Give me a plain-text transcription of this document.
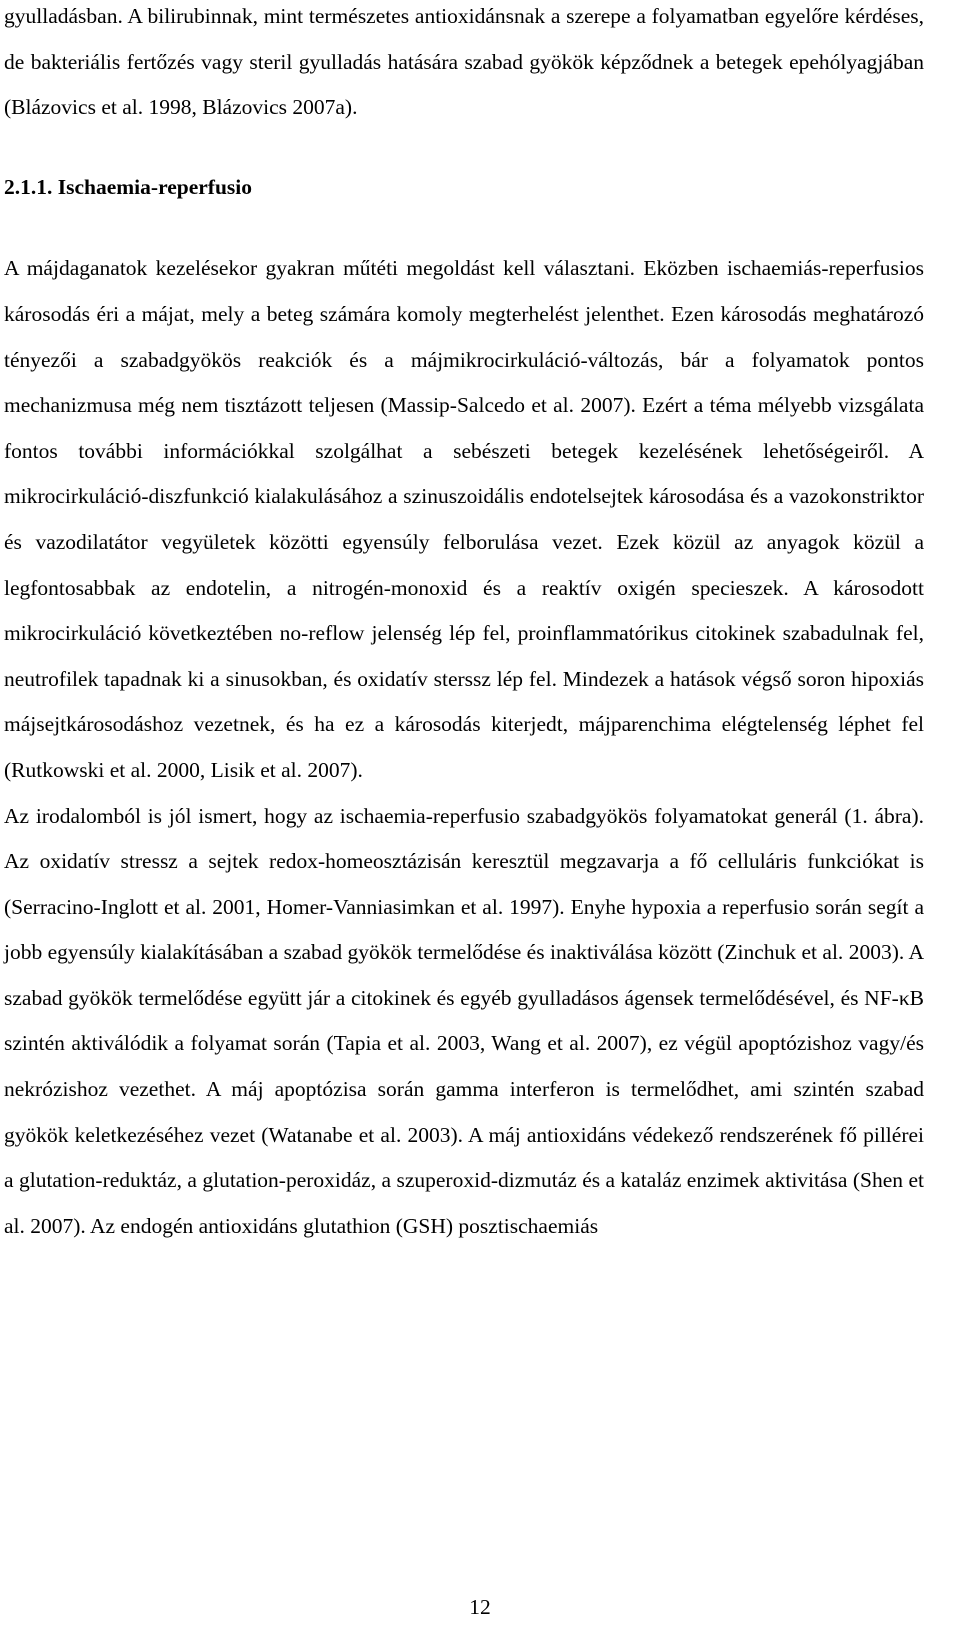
gyulladásban. A bilirubinnak, mint természetes antioxidánsnak a szerepe a folyamatban egyelőre kérdéses, de bakteriális fertőzés vagy steril gyulladás hatására szabad gyökök képződnek a betegek epehólyagjában (Blázovics et al. 1998, Blázovics 2007a).

2.1.1. Ischaemia-reperfusio

A májdaganatok kezelésekor gyakran műtéti megoldást kell választani. Eközben ischaemiás-reperfusios károsodás éri a májat, mely a beteg számára komoly megterhelést jelenthet. Ezen károsodás meghatározó tényezői a szabadgyökös reakciók és a májmikrocirkuláció-változás, bár a folyamatok pontos mechanizmusa még nem tisztázott teljesen (Massip-Salcedo et al. 2007). Ezért a téma mélyebb vizsgálata fontos további információkkal szolgálhat a sebészeti betegek kezelésének lehetőségeiről. A mikrocirkuláció-diszfunkció kialakulásához a szinuszoidális endotelsejtek károsodása és a vazokonstriktor és vazodilatátor vegyületek közötti egyensúly felborulása vezet. Ezek közül az anyagok közül a legfontosabbak az endotelin, a nitrogén-monoxid és a reaktív oxigén specieszek. A károsodott mikrocirkuláció következtében no-reflow jelenség lép fel, proinflammatórikus citokinek szabadulnak fel, neutrofilek tapadnak ki a sinusokban, és oxidatív sterssz lép fel. Mindezek a hatások végső soron hipoxiás májsejtkárosodáshoz vezetnek, és ha ez a károsodás kiterjedt, májparenchima elégtelenség léphet fel (Rutkowski et al. 2000, Lisik et al. 2007).

Az irodalomból is jól ismert, hogy az ischaemia-reperfusio szabadgyökös folyamatokat generál (1. ábra). Az oxidatív stressz a sejtek redox-homeosztázisán keresztül megzavarja a fő celluláris funkciókat is (Serracino-Inglott et al. 2001, Homer-Vanniasimkan et al. 1997). Enyhe hypoxia a reperfusio során segít a jobb egyensúly kialakításában a szabad gyökök termelődése és inaktiválása között (Zinchuk et al. 2003). A szabad gyökök termelődése együtt jár a citokinek és egyéb gyulladásos ágensek termelődésével, és NF-κB szintén aktiválódik a folyamat során (Tapia et al. 2003, Wang et al. 2007), ez végül apoptózishoz vagy/és nekrózishoz vezethet. A máj apoptózisa során gamma interferon is termelődhet, ami szintén szabad gyökök keletkezéséhez vezet (Watanabe et al. 2003). A máj antioxidáns védekező rendszerének fő pillérei a glutation-reduktáz, a glutation-peroxidáz, a szuperoxid-dizmutáz és a kataláz enzimek aktivitása (Shen et al. 2007). Az endogén antioxidáns glutathion (GSH) posztischaemiás

12
